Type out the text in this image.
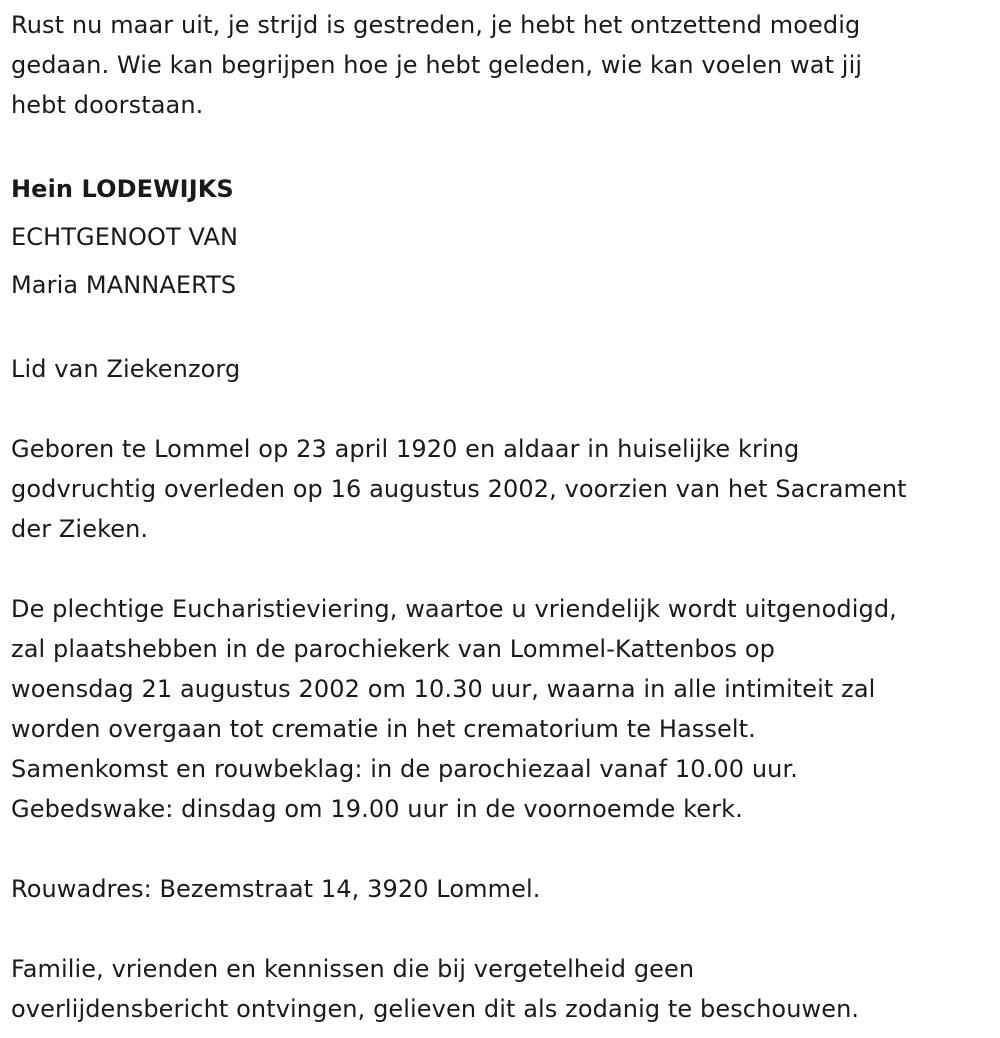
Rust nu maar uit, je strijd is gestreden, je hebt het ontzettend moedig

gedaan. Wie kan begrijpen hoe je hebt geleden, wie kan voelen wat jij

hebt doorstaan.

Hein LODEWIJKS

ECHTGENOOT VAN

Maria MANNAERTS

Lid van Ziekenzorg

Geboren te Lommel op 23 april 1920 en aldaar in huiselijke kring

godvruchtig overleden op 16 augustus 2002, voorzien van het Sacrament

der Zieken.

De plechtige Eucharistieviering, waartoe u vriendelijk wordt uitgenodigd,

zal plaatshebben in de parochiekerk van Lommel-Kattenbos op

woensdag 21 augustus 2002 om 10.30 uur, waarna in alle intimiteit zal

worden overgaan tot crematie in het crematorium te Hasselt.

Samenkomst en rouwbeklag: in de parochiezaal vanaf 10.00 uur.

Gebedswake: dinsdag om 19.00 uur in de voornoemde kerk.

Rouwadres: Bezemstraat 14, 3920 Lommel.

Familie, vrienden en kennissen die bij vergetelheid geen

overlijdensbericht ontvingen, gelieven dit als zodanig te beschouwen.
